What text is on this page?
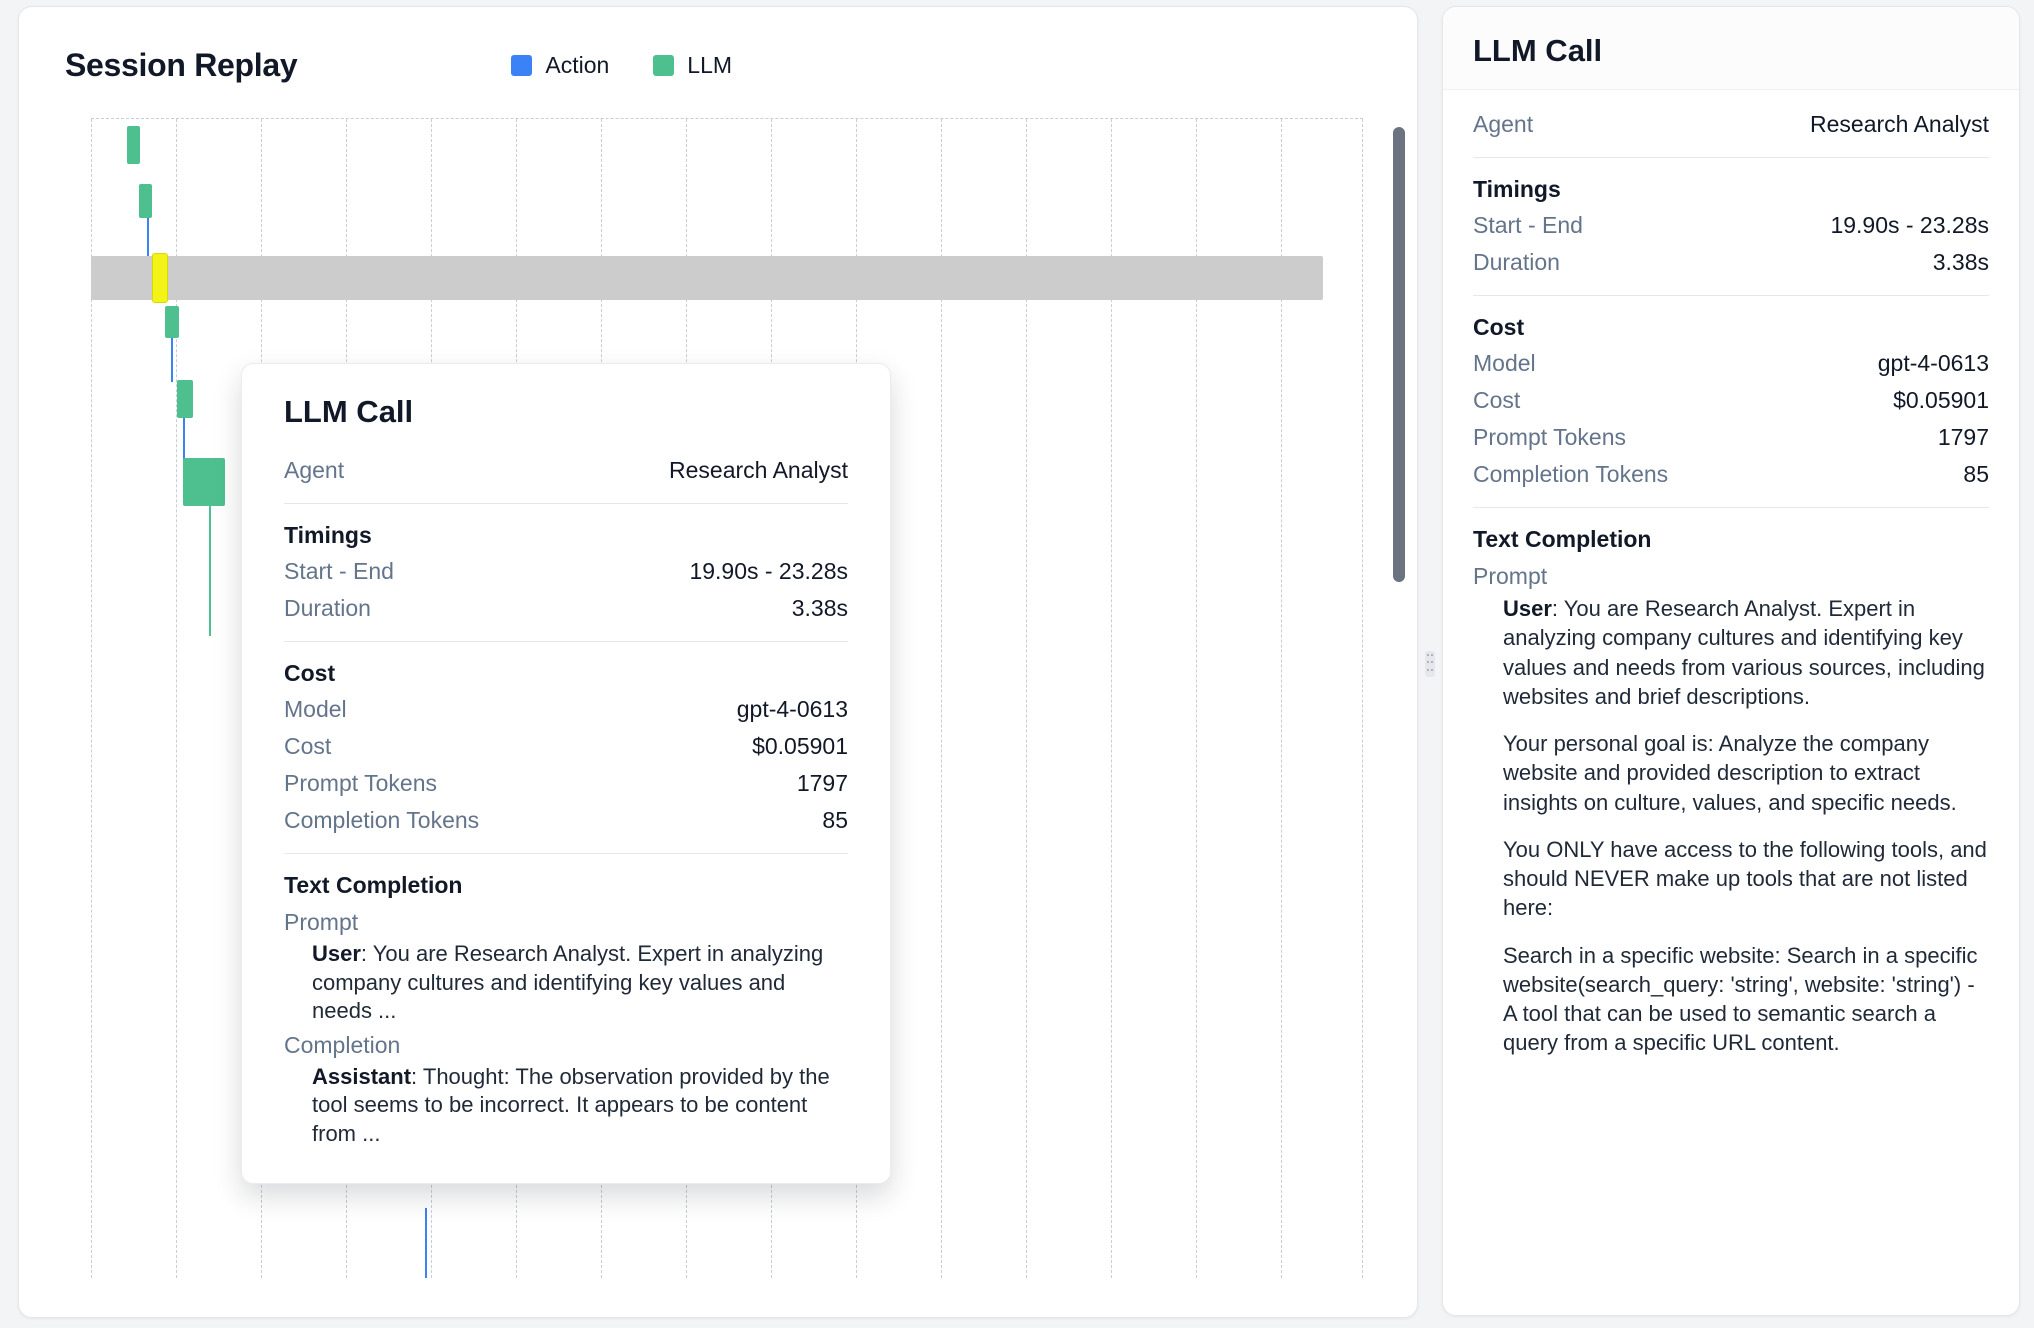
Session Replay	Action	LLM
LLM Call
Agent	Research Analyst
Timings
Start - End	19.90s - 23.28s
Duration	3.38s
Cost
Model	gpt-4-0613
Cost	$0.05901
Prompt Tokens	1797
Completion Tokens	85
Text Completion
Prompt
User: You are Research Analyst. Expert in analyzing company cultures and identifying key values and needs ...
Completion
Assistant: Thought: The observation provided by the tool seems to be incorrect. It appears to be content from ...
LLM Call
Agent	Research Analyst
Timings
Start - End	19.90s - 23.28s
Duration	3.38s
Cost
Model	gpt-4-0613
Cost	$0.05901
Prompt Tokens	1797
Completion Tokens	85
Text Completion
Prompt

User: You are Research Analyst. Expert in analyzing company cultures and identifying key values and needs from various sources, including websites and brief descriptions.

Your personal goal is: Analyze the company website and provided description to extract insights on culture, values, and specific needs.

You ONLY have access to the following tools, and should NEVER make up tools that are not listed here:

Search in a specific website: Search in a specific website(search_query: 'string', website: 'string') - A tool that can be used to semantic search a query from a specific URL content.
